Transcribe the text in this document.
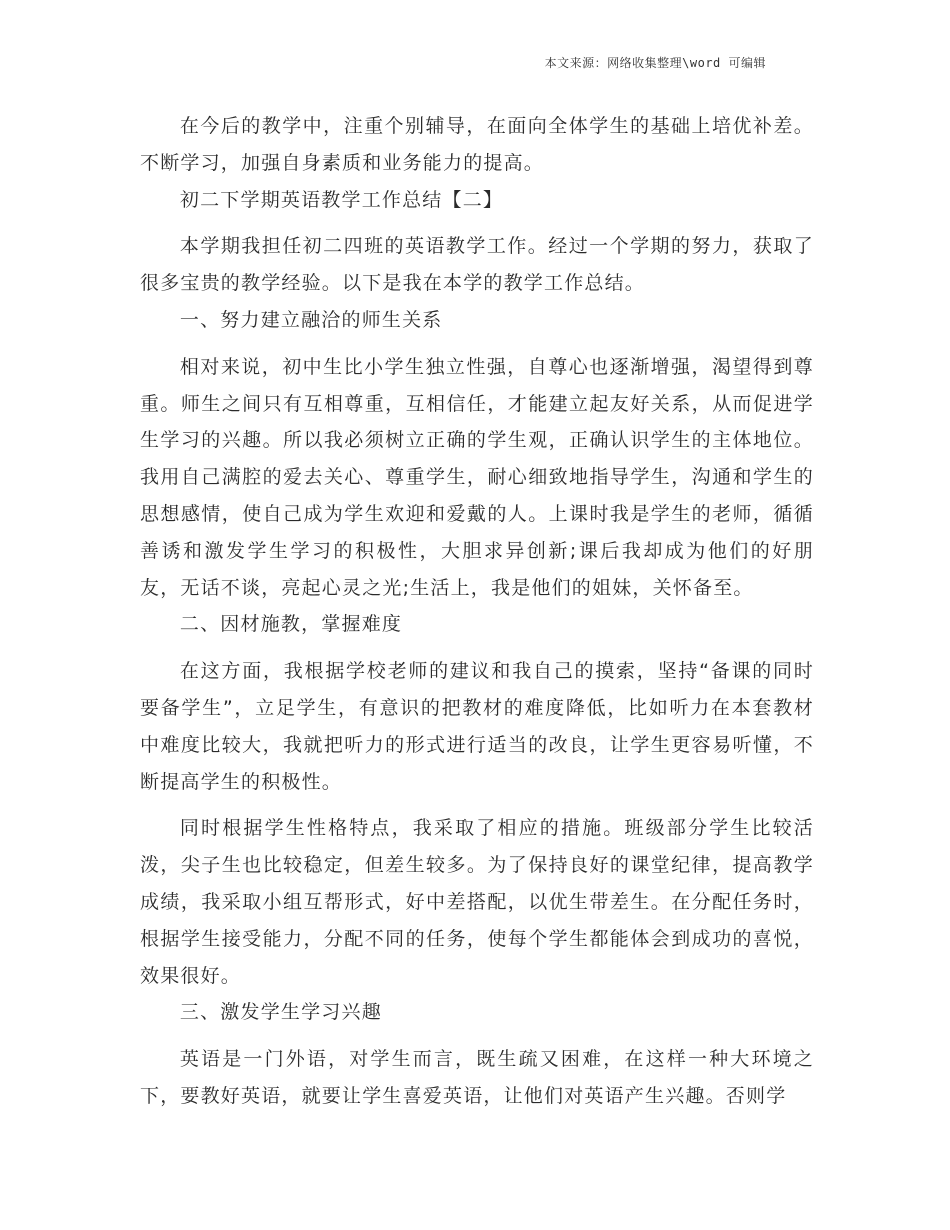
本文来源：网络收集整理\word 可编辑

在今后的教学中，注重个别辅导，在面向全体学生的基础上培优补差。不断学习，加强自身素质和业务能力的提高。

初二下学期英语教学工作总结【二】

本学期我担任初二四班的英语教学工作。经过一个学期的努力，获取了很多宝贵的教学经验。以下是我在本学的教学工作总结。

一、努力建立融洽的师生关系

相对来说，初中生比小学生独立性强，自尊心也逐渐增强，渴望得到尊重。师生之间只有互相尊重，互相信任，才能建立起友好关系，从而促进学生学习的兴趣。所以我必须树立正确的学生观，正确认识学生的主体地位。我用自己满腔的爱去关心、尊重学生，耐心细致地指导学生，沟通和学生的思想感情，使自己成为学生欢迎和爱戴的人。上课时我是学生的老师，循循善诱和激发学生学习的积极性，大胆求异创新;课后我却成为他们的好朋友，无话不谈，亮起心灵之光;生活上，我是他们的姐妹，关怀备至。

二、因材施教，掌握难度

在这方面，我根据学校老师的建议和我自己的摸索，坚持“备课的同时要备学生”，立足学生，有意识的把教材的难度降低，比如听力在本套教材中难度比较大，我就把听力的形式进行适当的改良，让学生更容易听懂，不断提高学生的积极性。

同时根据学生性格特点，我采取了相应的措施。班级部分学生比较活泼，尖子生也比较稳定，但差生较多。为了保持良好的课堂纪律，提高教学成绩，我采取小组互帮形式，好中差搭配，以优生带差生。在分配任务时，根据学生接受能力，分配不同的任务，使每个学生都能体会到成功的喜悦，效果很好。

三、激发学生学习兴趣

英语是一门外语，对学生而言，既生疏又困难，在这样一种大环境之下，要教好英语，就要让学生喜爱英语，让他们对英语产生兴趣。否则学
